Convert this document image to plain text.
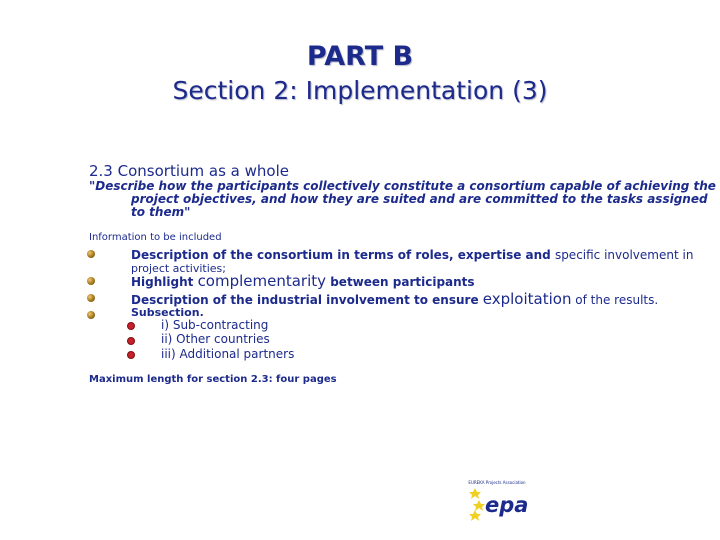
PART B
Section 2: Implementation (3)
2.3 Consortium as a whole
"Describe how the participants collectively constitute a consortium capable of achieving the
project objectives, and how they are suited and are committed to the tasks assigned
to them"
Information to be included
Description of the consortium in terms of roles, expertise and specific involvement in
project activities;
Highlight complementarity between participants
Description of the industrial involvement to ensure exploitation of the results.
Subsection.
i) Sub-contracting
ii) Other countries
iii) Additional partners
Maximum length for section 2.3: four pages
EUREKA Projects Association
epa
